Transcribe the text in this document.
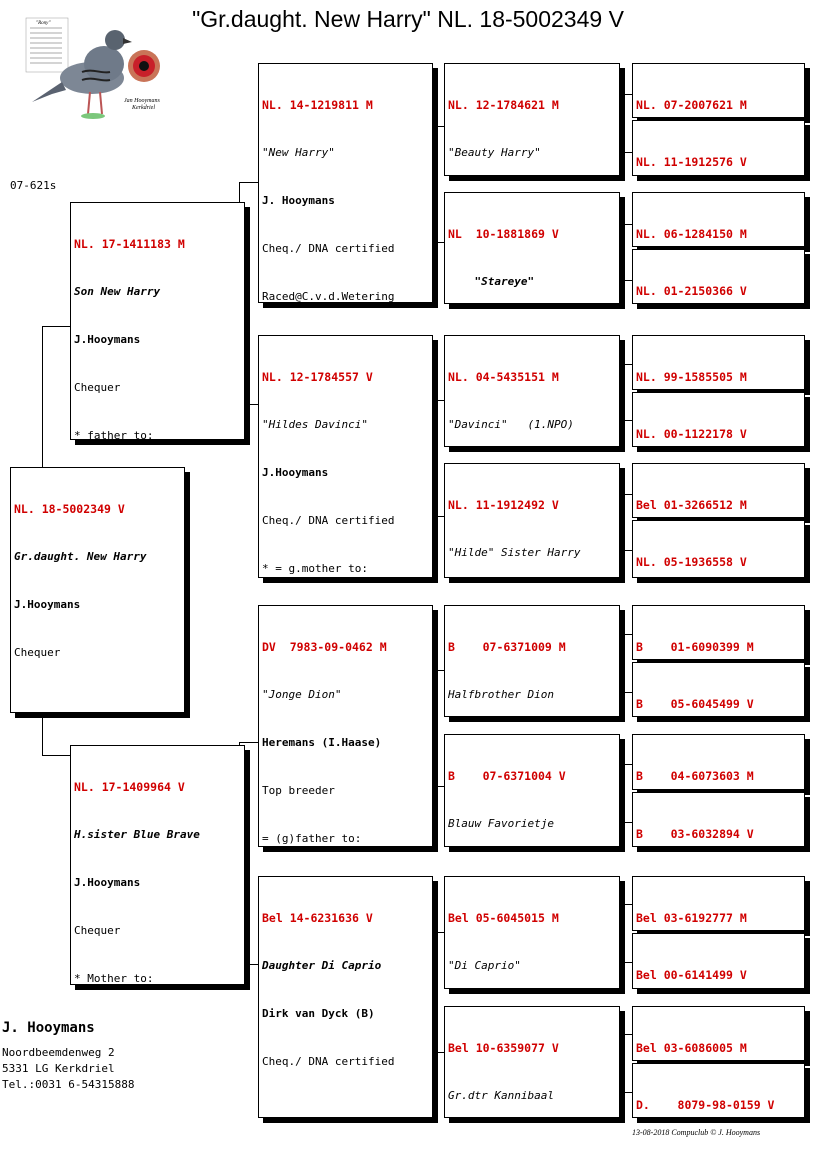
"Gr.daught. New Harry" NL. 18-5002349 V
"Rony"
Jan Hooymans
Kerkdriel
07-621s

NL. 18-5002349 V

Gr.daught. New Harry

J.Hooymans

Chequer

NL. 17-1411183 M

Son New Harry

J.Hooymans

Chequer

* father to:

NL. 17-1409964 V

H.sister Blue Brave

J.Hooymans

Chequer

* Mother to:

NL. 14-1219811 M

"New Harry"

J. Hooymans

Cheq./ DNA certified

Raced@C.v.d.Wetering

NL. 12-1784557 V

"Hildes Davinci"

J.Hooymans

Cheq./ DNA certified

* = g.mother to:

DV  7983-09-0462 M

"Jonge Dion"

Heremans (I.Haase)

Top breeder

= (g)father to:

Bel 14-6231636 V

Daughter Di Caprio

Dirk van Dyck (B)

Cheq./ DNA certified

NL. 12-1784621 M

"Beauty Harry"

NL  10-1881869 V

"Stareye"

NL. 04-5435151 M

"Davinci"   (1.NPO)

NL. 11-1912492 V

"Hilde" Sister Harry

B    07-6371009 M

Halfbrother Dion

B    07-6371004 V

Blauw Favorietje

Bel 05-6045015 M

"Di Caprio"

Bel 10-6359077 V

Gr.dtr Kannibaal

NL. 07-2007621 M

NL. 11-1912576 V

NL. 06-1284150 M

NL. 01-2150366 V

NL. 99-1585505 M

NL. 00-1122178 V

Bel 01-3266512 M

NL. 05-1936558 V

B    01-6090399 M

B    05-6045499 V

B    04-6073603 M

B    03-6032894 V

Bel 03-6192777 M

Bel 00-6141499 V

Bel 03-6086005 M

D.    8079-98-0159 V

J. Hooymans
Noordbeemdenweg 2
5331 LG Kerkdriel
Tel.:0031 6-54315888
13-08-2018 Compuclub © J. Hooymans
